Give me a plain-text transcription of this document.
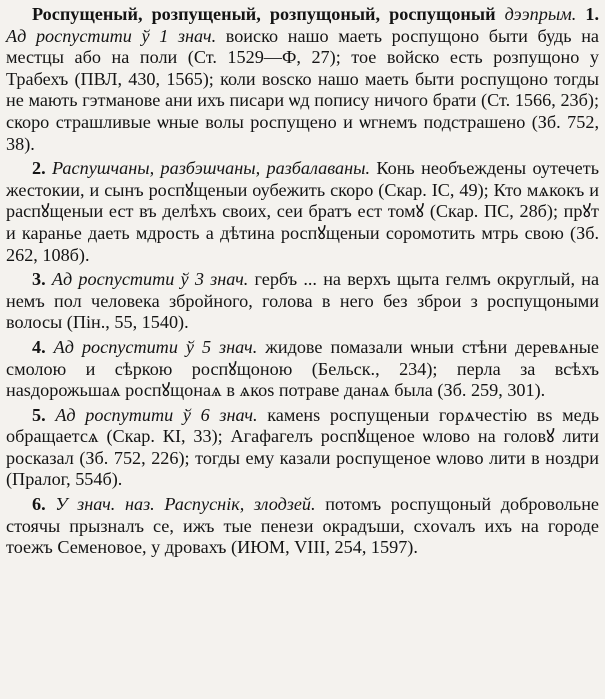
Роспущеный, розпущеный, розпущоный, роспущоный дээпрым. 1. Ад роспустити ў 1 знач. воиско нашо маеть роспущоно быти будь на местцы або на поли (Ст. 1529—Ф, 27); тое войско есть розпущоно у Трабехъ (ПВЛ, 430, 1565); коли воѕско нашо маеть быти роспущоно тогды не мають гэтманове ани ихъ писари ѡд попису ничого брати (Ст. 1566, 23б); скоро страшливые ѡные волы роспущено и ѡгнемъ подстрашено (Зб. 752, 38).

2. Распушчаны, разбэшчаны, разбалаваны. Конь необъеждены оутечеть жестокии, и сынъ роспꙋщеныи оубежить скоро (Скар. ІС, 49); Кто мѧкокъ и распꙋщеныи ест въ делѣхъ своих, сеи братъ ест томꙋ (Скар. ПС, 28б); прꙋт и каранье даеть мдрость а дѣтина роспꙋщеныи соромотить мтрь свою (Зб. 262, 108б).

3. Ад роспустити ў 3 знач. гербъ ... на верхъ щыта гелмъ округлый, на немъ пол человека збройного, голова в него без зброи з роспущоными волосы (Пін., 55, 1540).

4. Ад роспустити ў 5 знач. жидове помазали ѡныи стѣни деревѧные смолою и сѣркою роспꙋщоною (Бельск., 234); перла за всѣхъ наѕдорожьшаѧ роспꙋщонаѧ в ѧкоѕ потраве данаѧ была (Зб. 259, 301).

5. Ад роспутити ў 6 знач. каменѕ роспущеныи горѧчестію вѕ медь обращаетсѧ (Скар. КІ, 33); Агафагелъ роспꙋщеное ѡлово на головꙋ лити росказал (Зб. 752, 226); тогды ему казали роспущеное ѡлово лити в ноздри (Пралог, 554б).

6. У знач. наз. Распуснік, злодзей. потомъ роспущоный добровольне стоячы прызналъ се, ижъ тые пенези окрадъши, схovалъ ихъ на городе тоежъ Семеновое, у дровахъ (ИЮМ, VIII, 254, 1597).
